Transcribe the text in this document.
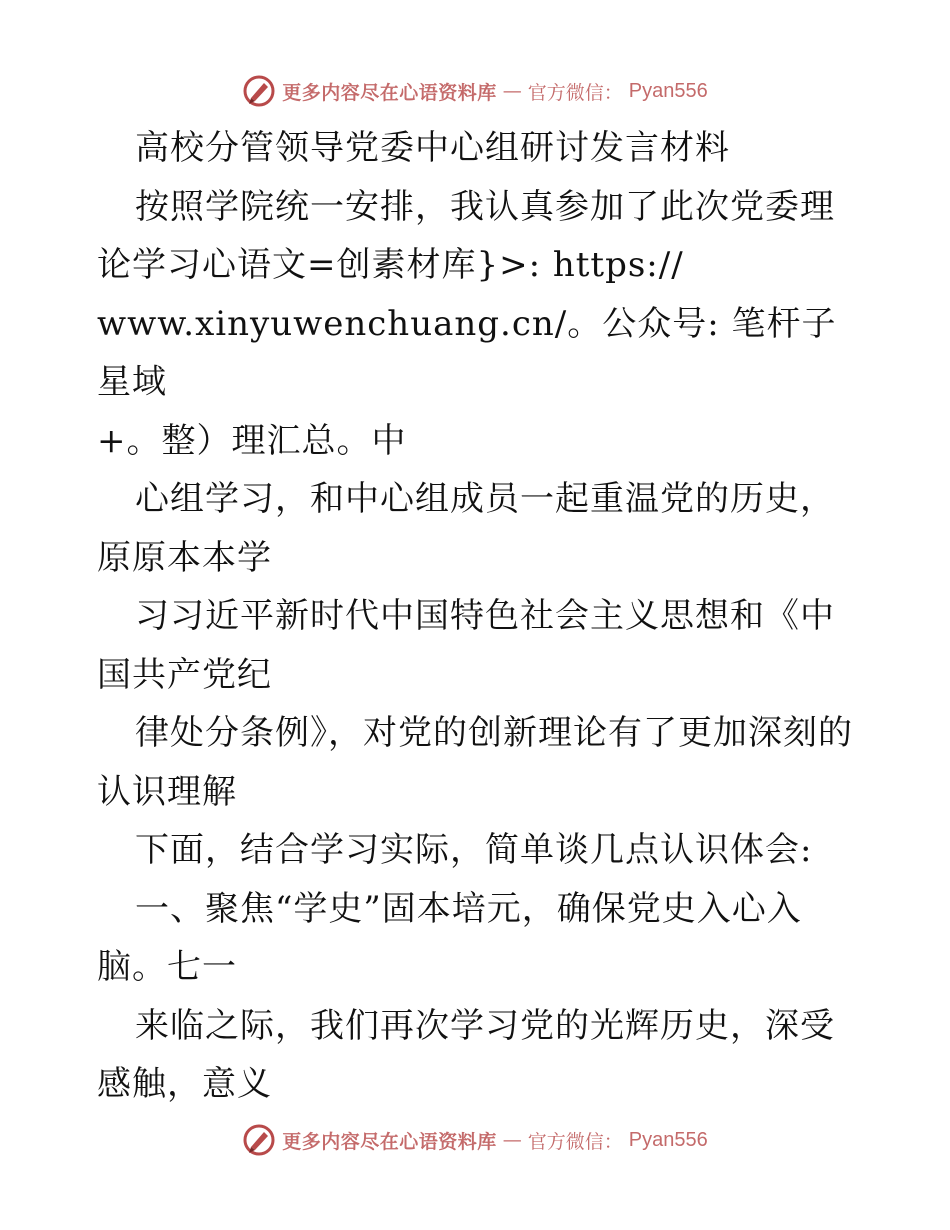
更多内容尽在心语资料库 — 官方微信： Pyan556

高校分管领导党委中心组研讨发言材料

按照学院统一安排，我认真参加了此次党委理论学习心语文=创素材库}>: https://
www.xinyuwenchuang.cn/。公众号: 笔杆子星域
+。整）理汇总。中

心组学习，和中心组成员一起重温党的历史，原原本本学

习习近平新时代中国特色社会主义思想和《中国共产党纪

律处分条例》，对党的创新理论有了更加深刻的认识理解

下面，结合学习实际，简单谈几点认识体会:

一、聚焦“学史”固本培元，确保党史入心入脑。七一

来临之际，我们再次学习党的光辉历史，深受感触，意义

更多内容尽在心语资料库 — 官方微信： Pyan556
